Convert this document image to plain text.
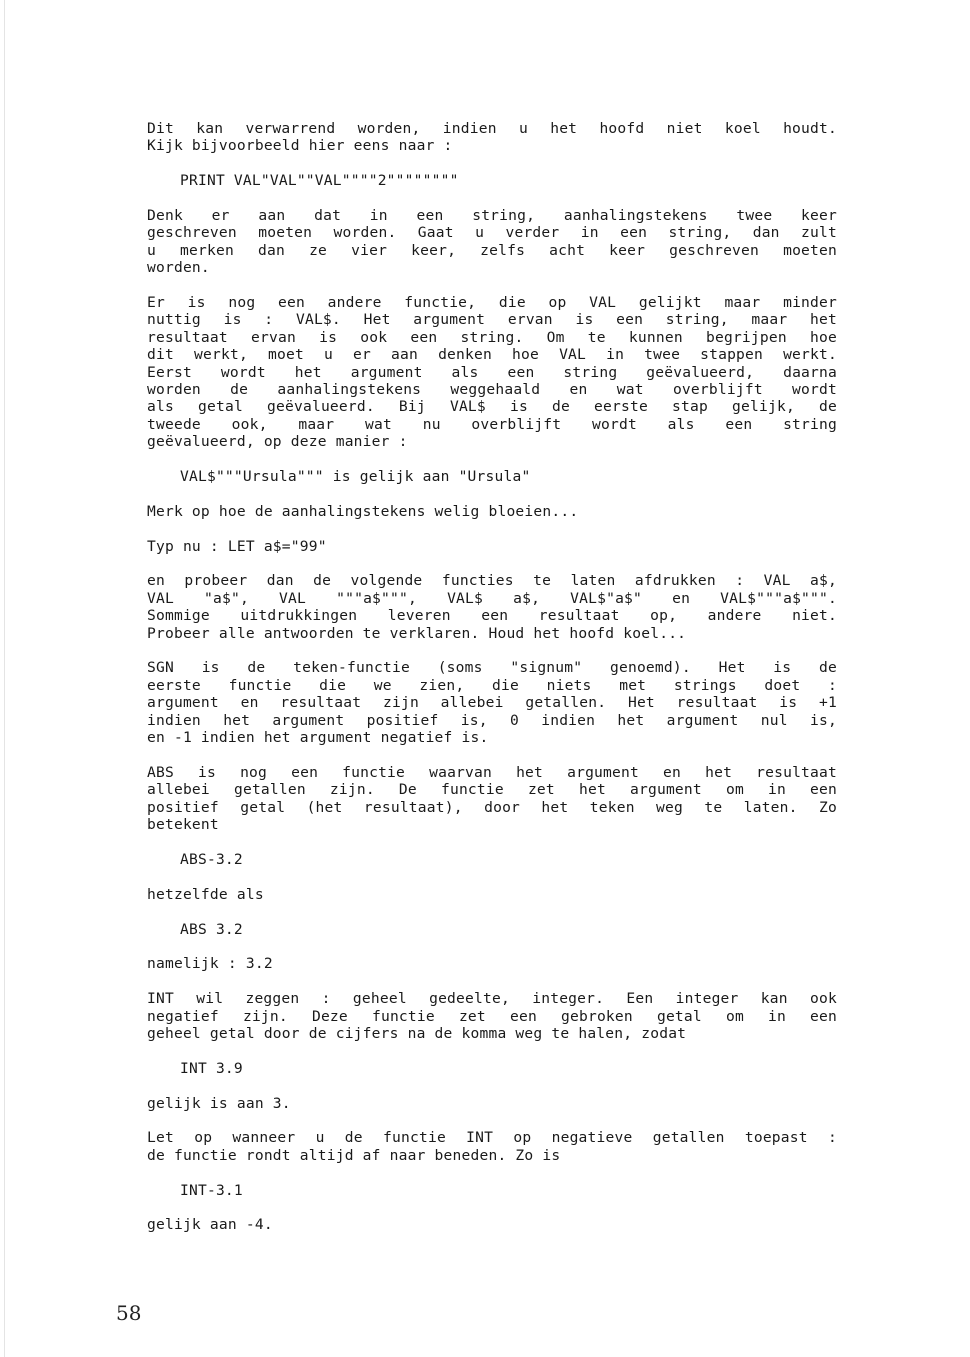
Dit kan verwarrend worden, indien u het hoofd niet koel houdt.
Kijk bijvoorbeeld hier eens naar :
PRINT VAL"VAL""VAL""""2""""""""
Denk er aan dat in een string, aanhalingstekens twee keer
geschreven moeten worden. Gaat u verder in een string, dan zult
u merken dan ze vier keer, zelfs acht keer geschreven moeten
worden.
Er is nog een andere functie, die op VAL gelijkt maar minder
nuttig is : VAL$. Het argument ervan is een string, maar het
resultaat ervan is ook een string. Om te kunnen begrijpen hoe
dit werkt, moet u er aan denken hoe VAL in twee stappen werkt.
Eerst wordt het argument als een string geëvalueerd, daarna
worden de aanhalingstekens weggehaald en wat overblijft wordt
als getal geëvalueerd. Bij VAL$ is de eerste stap gelijk, de
tweede ook, maar wat nu overblijft wordt als een string
geëvalueerd, op deze manier :
VAL$"""Ursula""" is gelijk aan "Ursula"
Merk op hoe de aanhalingstekens welig bloeien...
Typ nu : LET a$="99"
en probeer dan de volgende functies te laten afdrukken : VAL a$,
VAL "a$", VAL """a$""", VAL$ a$, VAL$"a$" en VAL$"""a$""".
Sommige uitdrukkingen leveren een resultaat op, andere niet.
Probeer alle antwoorden te verklaren. Houd het hoofd koel...
SGN is de teken-functie (soms "signum" genoemd). Het is de
eerste functie die we zien, die niets met strings doet :
argument en resultaat zijn allebei getallen. Het resultaat is +1
indien het argument positief is, 0 indien het argument nul is,
en -1 indien het argument negatief is.
ABS is nog een functie waarvan het argument en het resultaat
allebei getallen zijn. De functie zet het argument om in een
positief getal (het resultaat), door het teken weg te laten. Zo
betekent
ABS-3.2
hetzelfde als
ABS 3.2
namelijk : 3.2
INT wil zeggen : geheel gedeelte, integer. Een integer kan ook
negatief zijn. Deze functie zet een gebroken getal om in een
geheel getal door de cijfers na de komma weg te halen, zodat
INT 3.9
gelijk is aan 3.
Let op wanneer u de functie INT op negatieve getallen toepast :
de functie rondt altijd af naar beneden. Zo is
INT-3.1
gelijk aan -4.
58
